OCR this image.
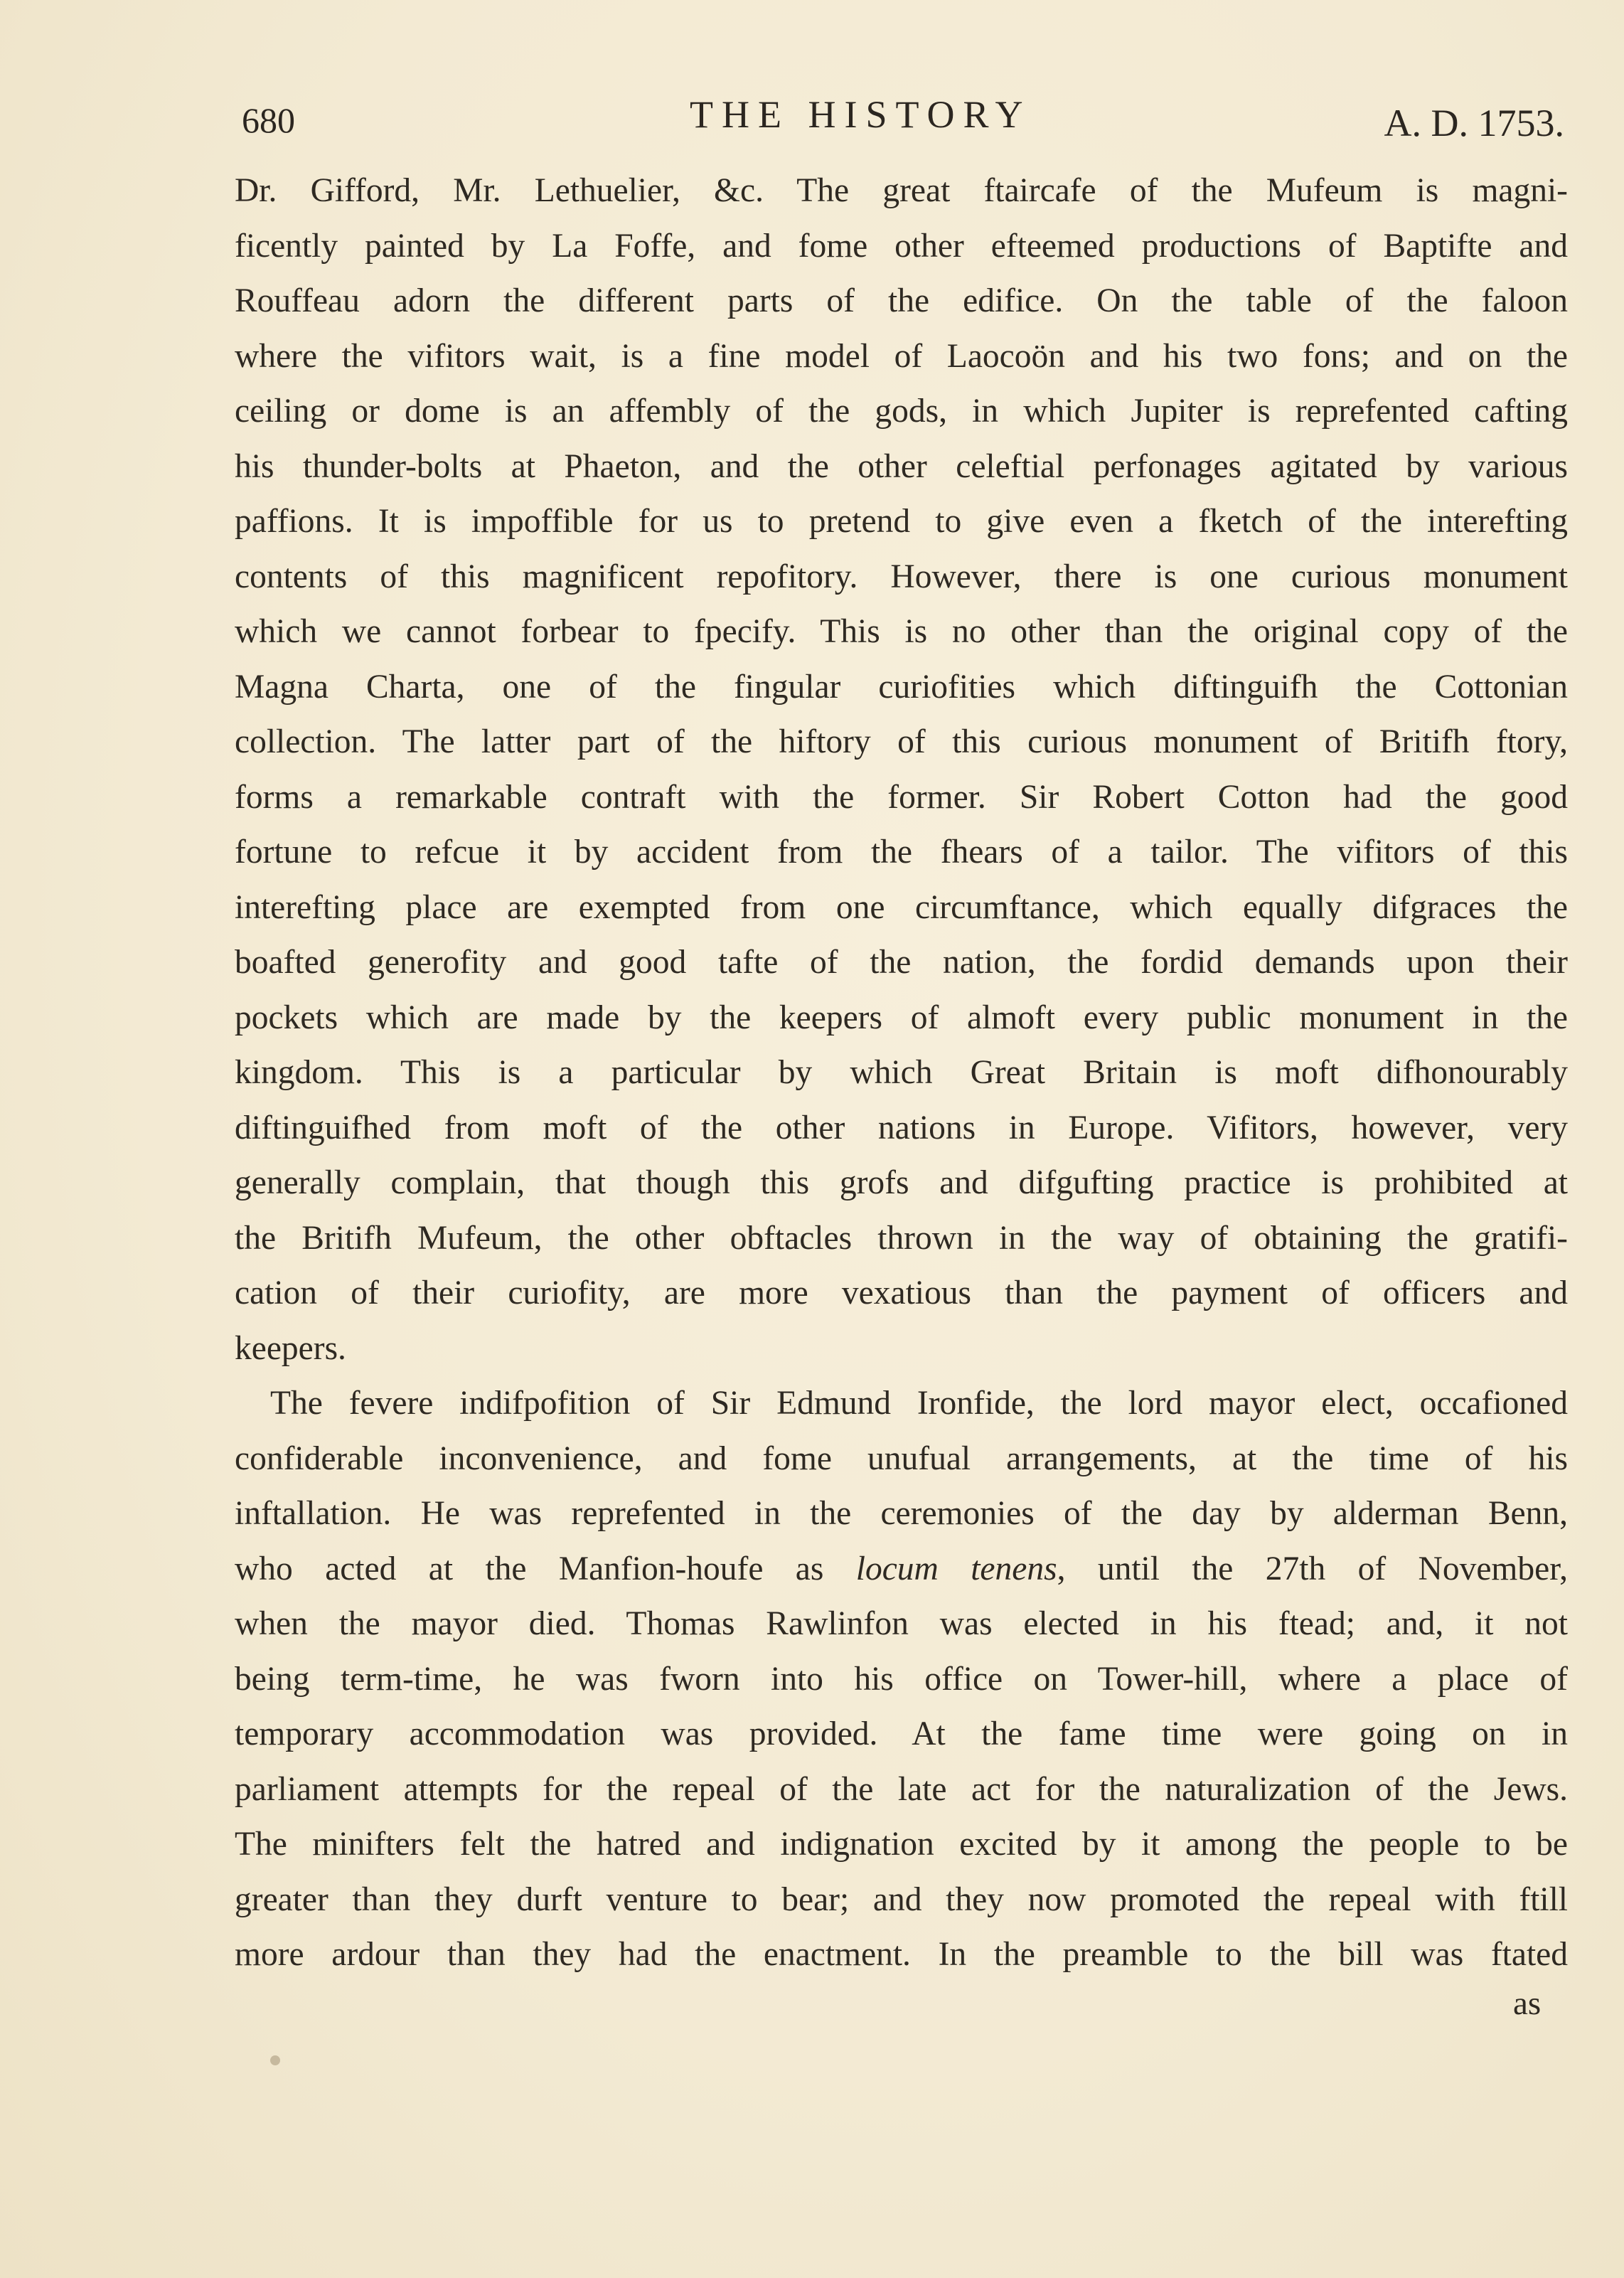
680	THE HISTORY	A. D. 1753.
Dr. Gifford, Mr. Lethuelier, &c. The great ftaircafe of the Mufeum is magni-
ficently painted by La Foffe, and fome other efteemed productions of Baptifte and
Rouffeau adorn the different parts of the edifice. On the table of the faloon
where the vifitors wait, is a fine model of Laocoön and his two fons; and on the
ceiling or dome is an affembly of the gods, in which Jupiter is reprefented cafting
his thunder-bolts at Phaeton, and the other celeftial perfonages agitated by various
paffions. It is impoffible for us to pretend to give even a fketch of the interefting
contents of this magnificent repofitory. However, there is one curious monument
which we cannot forbear to fpecify. This is no other than the original copy of the
Magna Charta, one of the fingular curiofities which diftinguifh the Cottonian
collection. The latter part of the hiftory of this curious monument of Britifh ftory,
forms a remarkable contraft with the former. Sir Robert Cotton had the good
fortune to refcue it by accident from the fhears of a tailor. The vifitors of this
interefting place are exempted from one circumftance, which equally difgraces the
boafted generofity and good tafte of the nation, the fordid demands upon their
pockets which are made by the keepers of almoft every public monument in the
kingdom. This is a particular by which Great Britain is moft difhonourably
diftinguifhed from moft of the other nations in Europe. Vifitors, however, very
generally complain, that though this grofs and difgufting practice is prohibited at
the Britifh Mufeum, the other obftacles thrown in the way of obtaining the gratifi-
cation of their curiofity, are more vexatious than the payment of officers and
keepers.
The fevere indifpofition of Sir Edmund Ironfide, the lord mayor elect, occafioned
confiderable inconvenience, and fome unufual arrangements, at the time of his
inftallation. He was reprefented in the ceremonies of the day by alderman Benn,
who acted at the Manfion-houfe as locum tenens, until the 27th of November,
when the mayor died. Thomas Rawlinfon was elected in his ftead; and, it not
being term-time, he was fworn into his office on Tower-hill, where a place of
temporary accommodation was provided. At the fame time were going on in
parliament attempts for the repeal of the late act for the naturalization of the Jews.
The minifters felt the hatred and indignation excited by it among the people to be
greater than they durft venture to bear; and they now promoted the repeal with ftill
more ardour than they had the enactment. In the preamble to the bill was ftated
as
